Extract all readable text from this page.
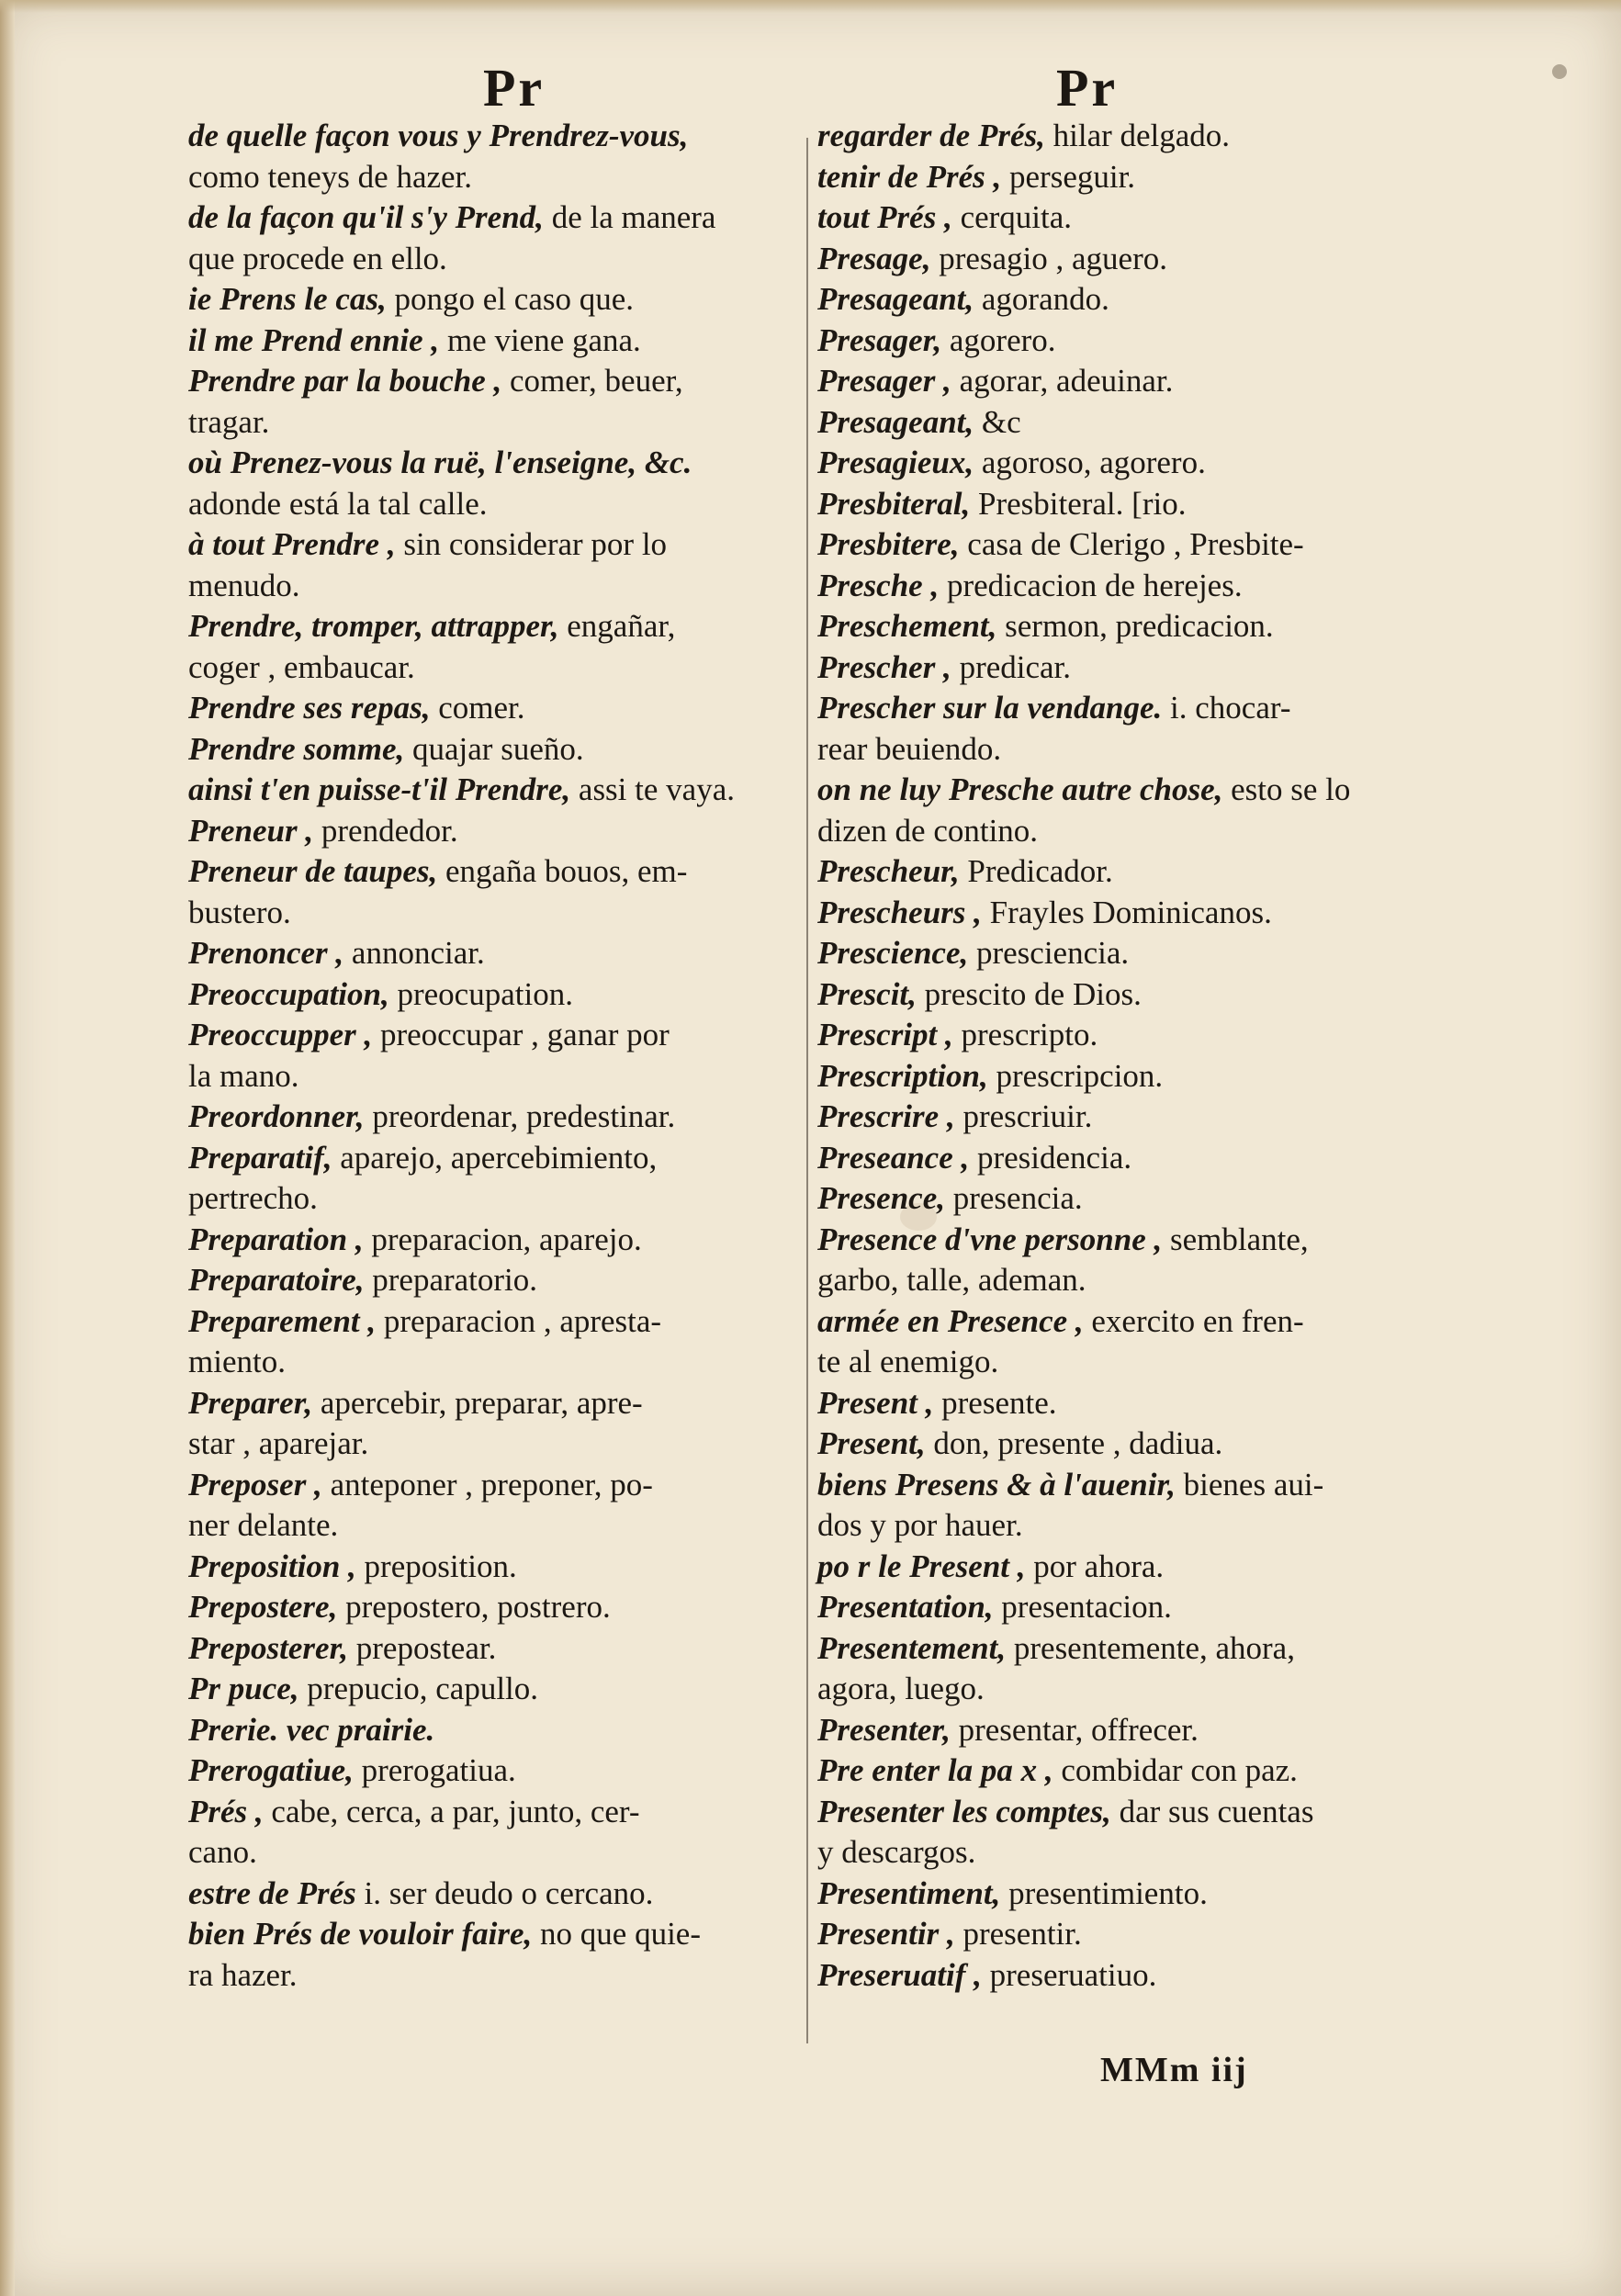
Pr	Pr
de quelle façon vous y Prendrez-vous,
como teneys de hazer.
de la façon qu'il s'y Prend, de la manera
que procede en ello.
ie Prens le cas, pongo el caso que.
il me Prend ennie , me viene gana.
Prendre par la bouche , comer, beuer,
tragar.
où Prenez-vous la ruë, l'enseigne, &c.
adonde está la tal calle.
à tout Prendre , sin considerar por lo
menudo.
Prendre, tromper, attrapper, engañar,
coger , embaucar.
Prendre ses repas, comer.
Prendre somme, quajar sueño.
ainsi t'en puisse-t'il Prendre, assi te vaya.
Preneur , prendedor.
Preneur de taupes, engaña bouos, em-
bustero.
Prenoncer , annonciar.
Preoccupation, preocupation.
Preoccupper , preoccupar , ganar por
la mano.
Preordonner, preordenar, predestinar.
Preparatif, aparejo, apercebimiento,
pertrecho.
Preparation , preparacion, aparejo.
Preparatoire, preparatorio.
Preparement , preparacion , apresta-
miento.
Preparer, apercebir, preparar, apre-
star , aparejar.
Preposer , anteponer , preponer, po-
ner delante.
Preposition , preposition.
Prepostere, prepostero, postrero.
Preposterer, prepostear.
Pr puce, prepucio, capullo.
Prerie. vec prairie.
Prerogatiue, prerogatiua.
Prés , cabe, cerca, a par, junto, cer-
cano.
estre de Prés i. ser deudo o cercano.
bien Prés de vouloir faire, no que quie-
ra hazer.
regarder de Prés, hilar delgado.
tenir de Prés , perseguir.
tout Prés , cerquita.
Presage, presagio , aguero.
Presageant, agorando.
Presager, agorero.
Presager , agorar, adeuinar.
Presageant, &c
Presagieux, agoroso, agorero.
Presbiteral, Presbiteral. [rio.
Presbitere, casa de Clerigo , Presbite-
Presche , predicacion de herejes.
Preschement, sermon, predicacion.
Prescher , predicar.
Prescher sur la vendange. i. chocar-
rear beuiendo.
on ne luy Presche autre chose, esto se lo
dizen de contino.
Prescheur, Predicador.
Prescheurs , Frayles Dominicanos.
Prescience, presciencia.
Prescit, prescito de Dios.
Prescript , prescripto.
Prescription, prescripcion.
Prescrire , prescriuir.
Preseance , presidencia.
Presence, presencia.
Presence d'vne personne , semblante,
garbo, talle, ademan.
armée en Presence , exercito en fren-
te al enemigo.
Present , presente.
Present, don, presente , dadiua.
biens Presens & à l'auenir, bienes aui-
dos y por hauer.
po r le Present , por ahora.
Presentation, presentacion.
Presentement, presentemente, ahora,
agora, luego.
Presenter, presentar, offrecer.
Pre enter la pa x , combidar con paz.
Presenter les comptes, dar sus cuentas
y descargos.
Presentiment, presentimiento.
Presentir , presentir.
Preseruatif , preseruatiuo.
MMm iij
